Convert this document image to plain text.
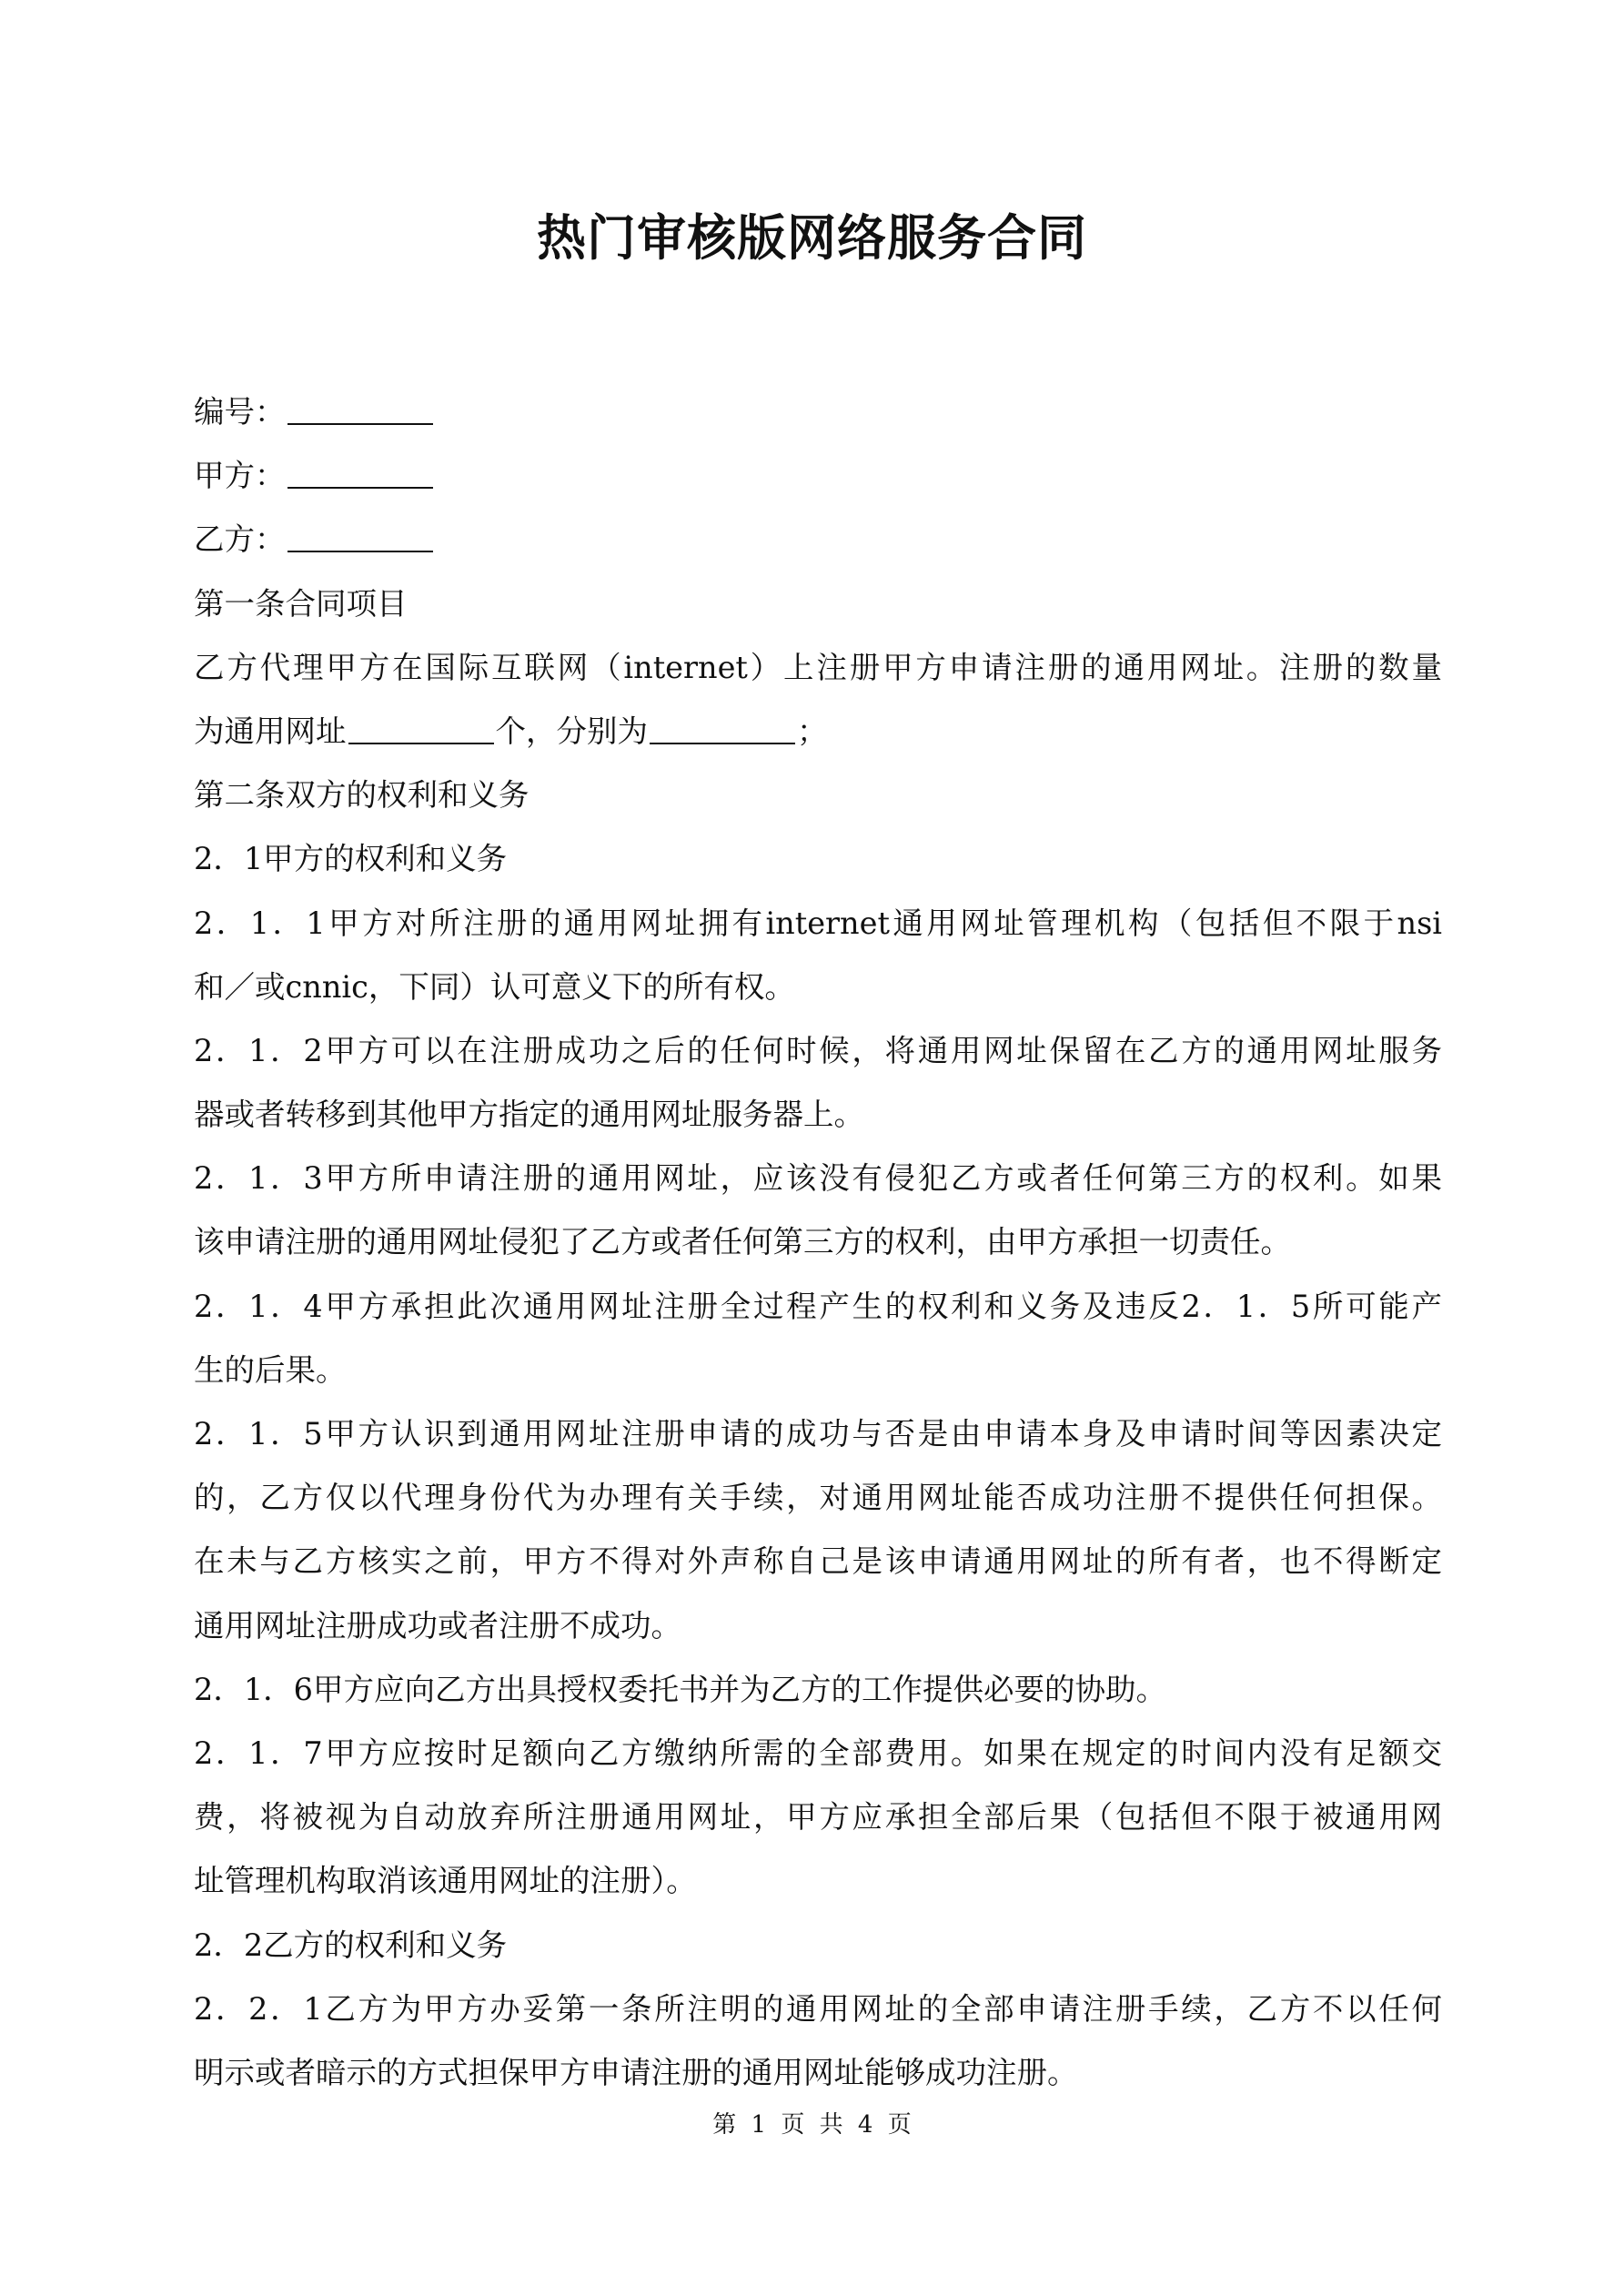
热门审核版网络服务合同
编号：
甲方：
乙方：
第一条合同项目
乙方代理甲方在国际互联网（internet）上注册甲方申请注册的通用网址。注册的数量
为通用网址	个，分别为	；
第二条双方的权利和义务
2．1甲方的权利和义务
2．1．1甲方对所注册的通用网址拥有internet通用网址管理机构（包括但不限于nsi
和／或cnnic，下同）认可意义下的所有权。
2．1．2甲方可以在注册成功之后的任何时候，将通用网址保留在乙方的通用网址服务
器或者转移到其他甲方指定的通用网址服务器上。
2．1．3甲方所申请注册的通用网址，应该没有侵犯乙方或者任何第三方的权利。如果
该申请注册的通用网址侵犯了乙方或者任何第三方的权利，由甲方承担一切责任。
2．1．4甲方承担此次通用网址注册全过程产生的权利和义务及违反2．1．5所可能产
生的后果。
2．1．5甲方认识到通用网址注册申请的成功与否是由申请本身及申请时间等因素决定
的，乙方仅以代理身份代为办理有关手续，对通用网址能否成功注册不提供任何担保。
在未与乙方核实之前，甲方不得对外声称自己是该申请通用网址的所有者，也不得断定
通用网址注册成功或者注册不成功。
2．1．6甲方应向乙方出具授权委托书并为乙方的工作提供必要的协助。
2．1．7甲方应按时足额向乙方缴纳所需的全部费用。如果在规定的时间内没有足额交
费，将被视为自动放弃所注册通用网址，甲方应承担全部后果（包括但不限于被通用网
址管理机构取消该通用网址的注册）。
2．2乙方的权利和义务
2．2．1乙方为甲方办妥第一条所注明的通用网址的全部申请注册手续，乙方不以任何
明示或者暗示的方式担保甲方申请注册的通用网址能够成功注册。
第 1 页 共 4 页
